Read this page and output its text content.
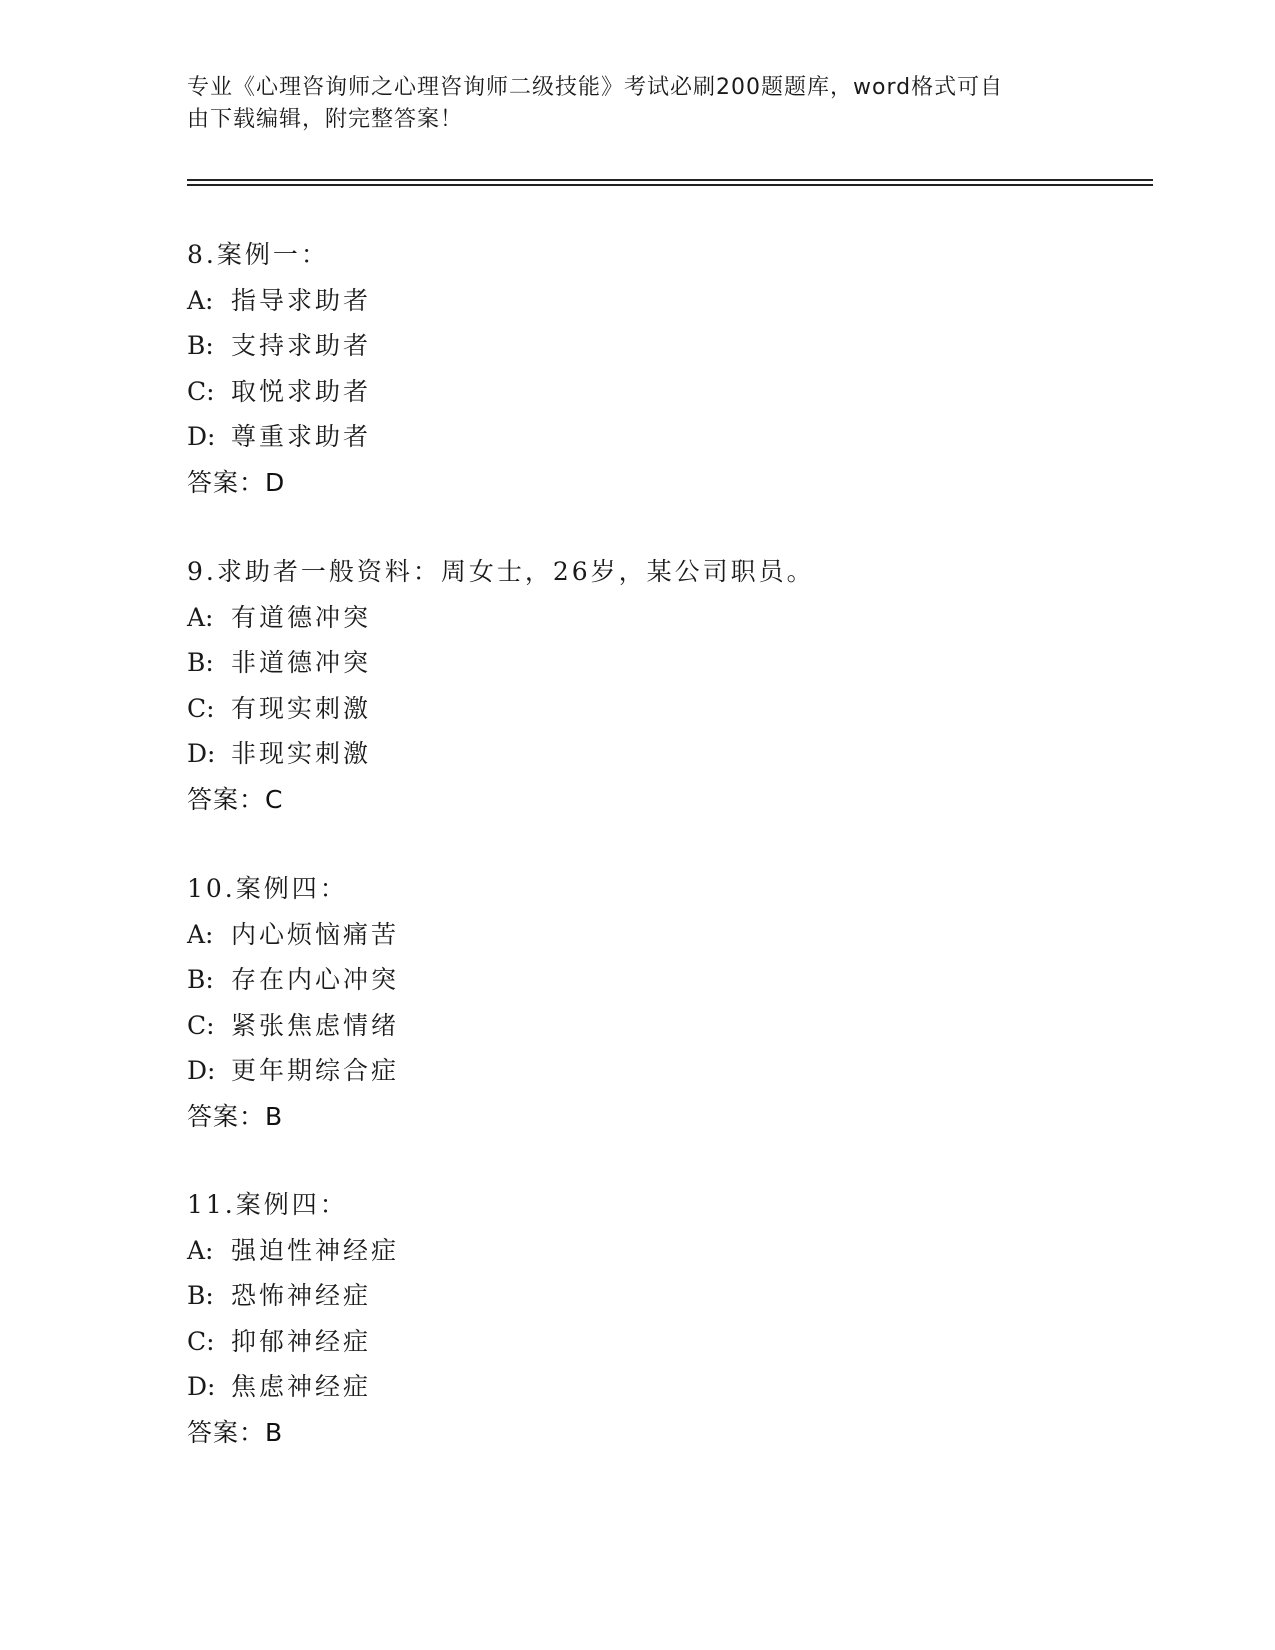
专业《心理咨询师之心理咨询师二级技能》考试必刷200题题库，word格式可自
由下载编辑，附完整答案！
8.案例一：
A: 指导求助者
B: 支持求助者
C: 取悦求助者
D: 尊重求助者
答案：D
9.求助者一般资料：周女士，26岁，某公司职员。
A: 有道德冲突
B: 非道德冲突
C: 有现实刺激
D: 非现实刺激
答案：C
10.案例四：
A: 内心烦恼痛苦
B: 存在内心冲突
C: 紧张焦虑情绪
D: 更年期综合症
答案：B
11.案例四：
A: 强迫性神经症
B: 恐怖神经症
C: 抑郁神经症
D: 焦虑神经症
答案：B
